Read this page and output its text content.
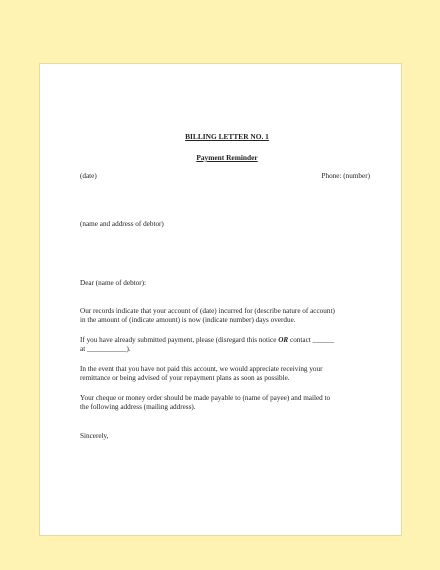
BILLING LETTER NO. 1

Payment Reminder

(date)	Phone: (number)

(name and address of debtor)

Dear (name of debtor):

Our records indicate that your account of (date) incurred for (describe nature of account)
in the amount of (indicate amount) is now (indicate number) days overdue.
If you have already submitted payment, please (disregard this notice OR contact ______
at ___________).
In the event that you have not paid this account, we would appreciate receiving your
remittance or being advised of your repayment plans as soon as possible.
Your cheque or money order should be made payable to (name of payee) and mailed to
the following address (mailing address).

Sincerely,
